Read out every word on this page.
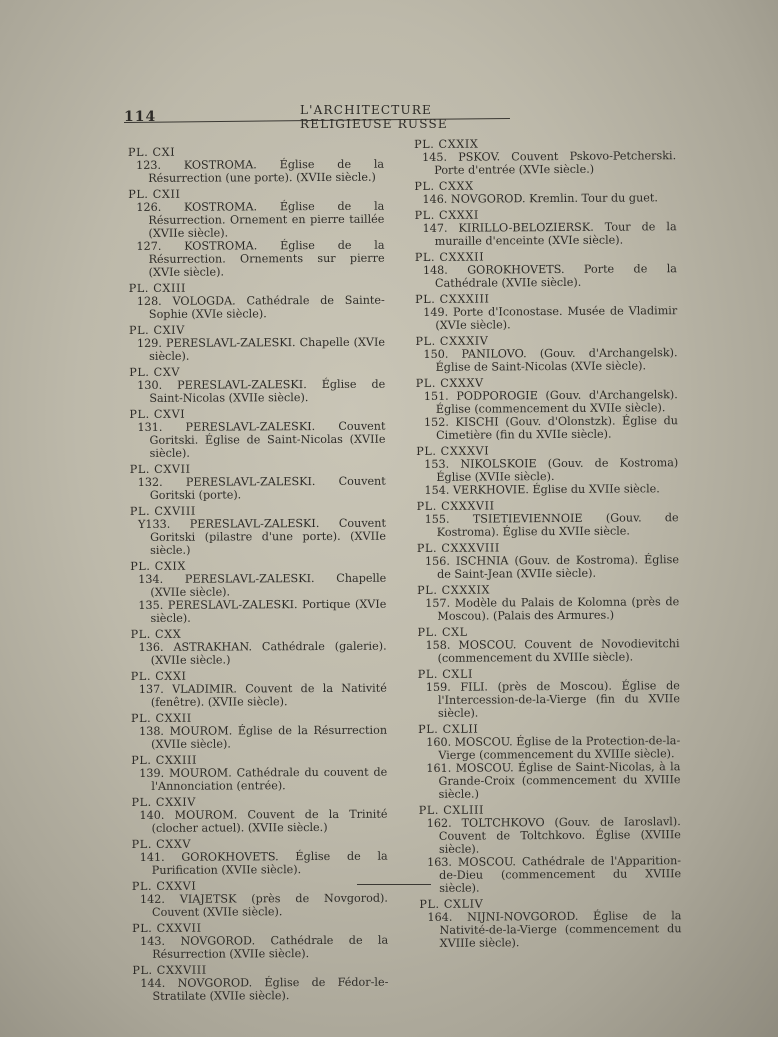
114	L'ARCHITECTURE RELIGIEUSE RUSSE
PL. CXI
123. KOSTROMA. Église de la Résurrection (une porte). (XVIIe siècle.)
PL. CXII
126. KOSTROMA. Église de la Résurrection. Ornement en pierre taillée (XVIIe siècle).
127. KOSTROMA. Église de la Résurrection. Ornements sur pierre (XVIe siècle).
PL. CXIII
128. VOLOGDA. Cathédrale de Sainte-Sophie (XVIe siècle).
PL. CXIV
129. PERESLAVL-ZALESKI. Chapelle (XVIe siècle).
PL. CXV
130. PERESLAVL-ZALESKI. Église de Saint-Nicolas (XVIIe siècle).
PL. CXVI
131. PERESLAVL-ZALESKI. Couvent Goritski. Église de Saint-Nicolas (XVIIe siècle).
PL. CXVII
132. PERESLAVL-ZALESKI. Couvent Goritski (porte).
PL. CXVIII
Y133. PERESLAVL-ZALESKI. Couvent Goritski (pilastre d'une porte). (XVIIe siècle.)
PL. CXIX
134. PERESLAVL-ZALESKI. Chapelle (XVIIe siècle).
135. PERESLAVL-ZALESKI. Portique (XVIe siècle).
PL. CXX
136. ASTRAKHAN. Cathédrale (galerie). (XVIIe siècle.)
PL. CXXI
137. VLADIMIR. Couvent de la Nativité (fenêtre). (XVIIe siècle).
PL. CXXII
138. MOUROM. Église de la Résurrection (XVIIe siècle).
PL. CXXIII
139. MOUROM. Cathédrale du couvent de l'Annonciation (entrée).
PL. CXXIV
140. MOUROM. Couvent de la Trinité (clocher actuel). (XVIIe siècle.)
PL. CXXV
141. GOROKHOVETS. Église de la Purification (XVIIe siècle).
PL. CXXVI
142. VIAJETSK (près de Novgorod). Couvent (XVIIe siècle).
PL. CXXVII
143. NOVGOROD. Cathédrale de la Résurrection (XVIIe siècle).
PL. CXXVIII
144. NOVGOROD. Église de Fédor-le-Stratilate (XVIIe siècle).
PL. CXXIX
145. PSKOV. Couvent Pskovo-Petcherski. Porte d'entrée (XVIe siècle.)
PL. CXXX
146. NOVGOROD. Kremlin. Tour du guet.
PL. CXXXI
147. KIRILLO-BELOZIERSK. Tour de la muraille d'enceinte (XVIe siècle).
PL. CXXXII
148. GOROKHOVETS. Porte de la Cathédrale (XVIIe siècle).
PL. CXXXIII
149. Porte d'Iconostase. Musée de Vladimir (XVIe siècle).
PL. CXXXIV
150. PANILOVO. (Gouv. d'Archangelsk). Église de Saint-Nicolas (XVIe siècle).
PL. CXXXV
151. PODPOROGIE (Gouv. d'Archangelsk). Église (commencement du XVIIe siècle).
152. KISCHI (Gouv. d'Olonstzk). Église du Cimetière (fin du XVIIe siècle).
PL. CXXXVI
153. NIKOLSKOIE (Gouv. de Kostroma) Église (XVIIe siècle).
154. VERKHOVIE. Église du XVIIe siècle.
PL. CXXXVII
155. TSIETIEVIENNOIE (Gouv. de Kostroma). Église du XVIIe siècle.
PL. CXXXVIII
156. ISCHNIA (Gouv. de Kostroma). Église de Saint-Jean (XVIIe siècle).
PL. CXXXIX
157. Modèle du Palais de Kolomna (près de Moscou). (Palais des Armures.)
PL. CXL
158. MOSCOU. Couvent de Novodievitchi (commencement du XVIIIe siècle).
PL. CXLI
159. FILI. (près de Moscou). Église de l'Intercession-de-la-Vierge (fin du XVIIe siècle).
PL. CXLII
160. MOSCOU. Église de la Protection-de-la-Vierge (commencement du XVIIIe siècle).
161. MOSCOU. Église de Saint-Nicolas, à la Grande-Croix (commencement du XVIIIe siècle.)
PL. CXLIII
162. TOLTCHKOVO (Gouv. de Iaroslavl). Couvent de Toltchkovo. Église (XVIIIe siècle).
163. MOSCOU. Cathédrale de l'Apparition-de-Dieu (commencement du XVIIIe siècle).
PL. CXLIV
164. NIJNI-NOVGOROD. Église de la Nativité-de-la-Vierge (commencement du XVIIIe siècle).
